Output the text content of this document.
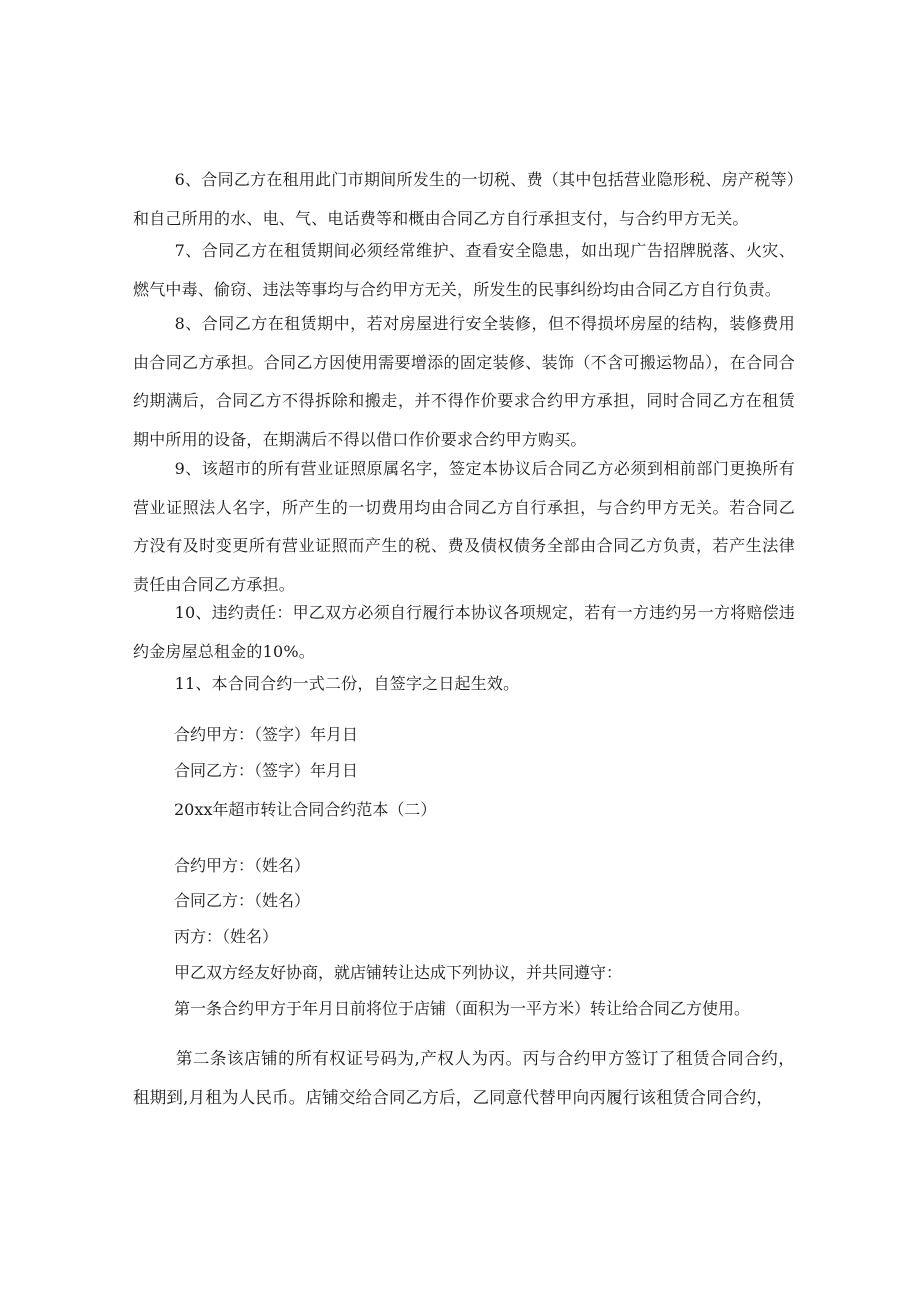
6、合同乙方在租用此门市期间所发生的一切税、费（其中包括营业隐形税、房产税等）和自己所用的水、电、气、电话费等和概由合同乙方自行承担支付，与合约甲方无关。

7、合同乙方在租赁期间必须经常维护、查看安全隐患，如出现广告招牌脱落、火灾、燃气中毒、偷窃、违法等事均与合约甲方无关，所发生的民事纠纷均由合同乙方自行负责。

8、合同乙方在租赁期中，若对房屋进行安全装修，但不得损坏房屋的结构，装修费用由合同乙方承担。合同乙方因使用需要增添的固定装修、装饰（不含可搬运物品），在合同合约期满后，合同乙方不得拆除和搬走，并不得作价要求合约甲方承担，同时合同乙方在租赁期中所用的设备，在期满后不得以借口作价要求合约甲方购买。

9、该超市的所有营业证照原属名字，签定本协议后合同乙方必须到相前部门更换所有营业证照法人名字，所产生的一切费用均由合同乙方自行承担，与合约甲方无关。若合同乙方没有及时变更所有营业证照而产生的税、费及债权债务全部由合同乙方负责，若产生法律责任由合同乙方承担。

10、违约责任：甲乙双方必须自行履行本协议各项规定，若有一方违约另一方将赔偿违约金房屋总租金的10%。

11、本合同合约一式二份，自签字之日起生效。

合约甲方：（签字）年月日

合同乙方：（签字）年月日

20xx年超市转让合同合约范本（二）

合约甲方：（姓名）

合同乙方：（姓名）

丙方：（姓名）

甲乙双方经友好协商，就店铺转让达成下列协议，并共同遵守：

第一条合约甲方于年月日前将位于店铺（面积为一平方米）转让给合同乙方使用。

第二条该店铺的所有权证号码为,产权人为丙。丙与合约甲方签订了租赁合同合约，租期到,月租为人民币。店铺交给合同乙方后，乙同意代替甲向丙履行该租赁合同合约，
